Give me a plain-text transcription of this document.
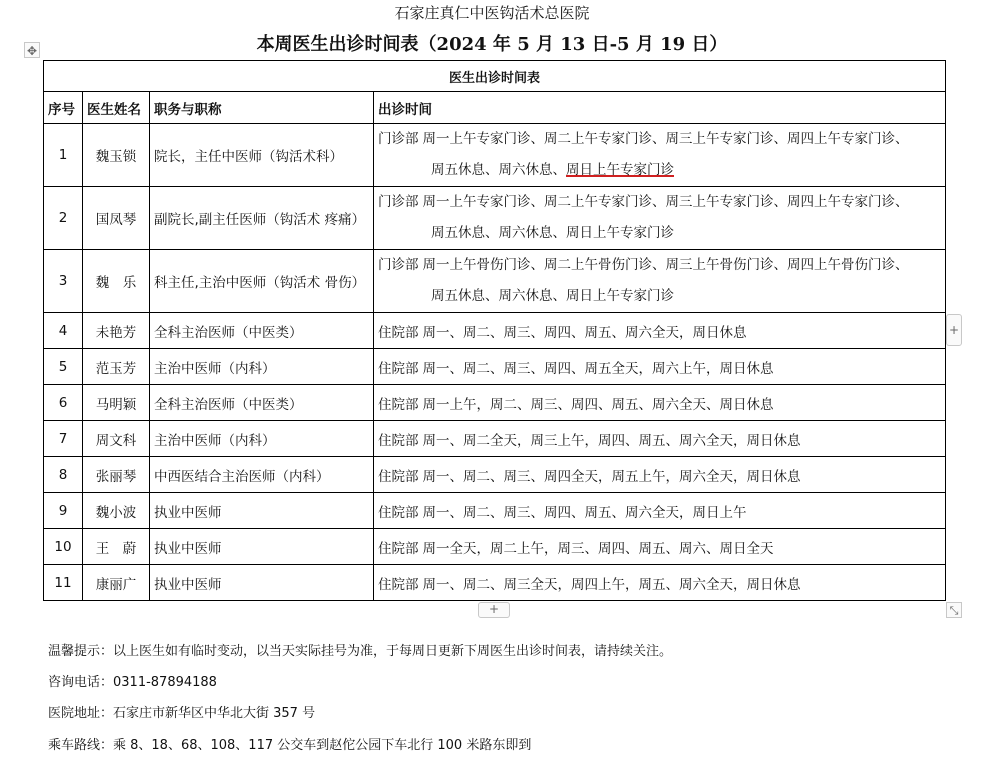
石家庄真仁中医钩活术总医院
本周医生出诊时间表（2024 年 5 月 13 日-5 月 19 日）
✥
医生出诊时间表			
序号	医生姓名	职务与职称	出诊时间
1	魏玉锁	院长，主任中医师（钩活术科）	门诊部 周一上午专家门诊、周二上午专家门诊、周三上午专家门诊、周四上午专家门诊、
周五休息、周六休息、周日上午专家门诊

2	国凤琴	副院长,副主任医师（钩活术 疼痛）	门诊部 周一上午专家门诊、周二上午专家门诊、周三上午专家门诊、周四上午专家门诊、
周五休息、周六休息、周日上午专家门诊

3	魏　乐	科主任,主治中医师（钩活术 骨伤）	门诊部 周一上午骨伤门诊、周二上午骨伤门诊、周三上午骨伤门诊、周四上午骨伤门诊、
周五休息、周六休息、周日上午专家门诊

4	未艳芳	全科主治医师（中医类）	住院部 周一、周二、周三、周四、周五、周六全天，周日休息
5	范玉芳	主治中医师（内科）	住院部 周一、周二、周三、周四、周五全天，周六上午，周日休息
6	马明颖	全科主治医师（中医类）	住院部 周一上午，周二、周三、周四、周五、周六全天、周日休息
7	周文科	主治中医师（内科）	住院部 周一、周二全天，周三上午，周四、周五、周六全天，周日休息
8	张丽琴	中西医结合主治医师（内科）	住院部 周一、周二、周三、周四全天，周五上午，周六全天，周日休息
9	魏小波	执业中医师	住院部 周一、周二、周三、周四、周五、周六全天，周日上午
10	王　蔚	执业中医师	住院部 周一全天，周二上午，周三、周四、周五、周六、周日全天
11	康丽广	执业中医师	住院部 周一、周二、周三全天，周四上午，周五、周六全天，周日休息
+
+	⤡
温馨提示：以上医生如有临时变动，以当天实际挂号为准，于每周日更新下周医生出诊时间表，请持续关注。
咨询电话：0311-87894188
医院地址：石家庄市新华区中华北大街 357 号
乘车路线：乘 8、18、68、108、117 公交车到赵佗公园下车北行 100 米路东即到
